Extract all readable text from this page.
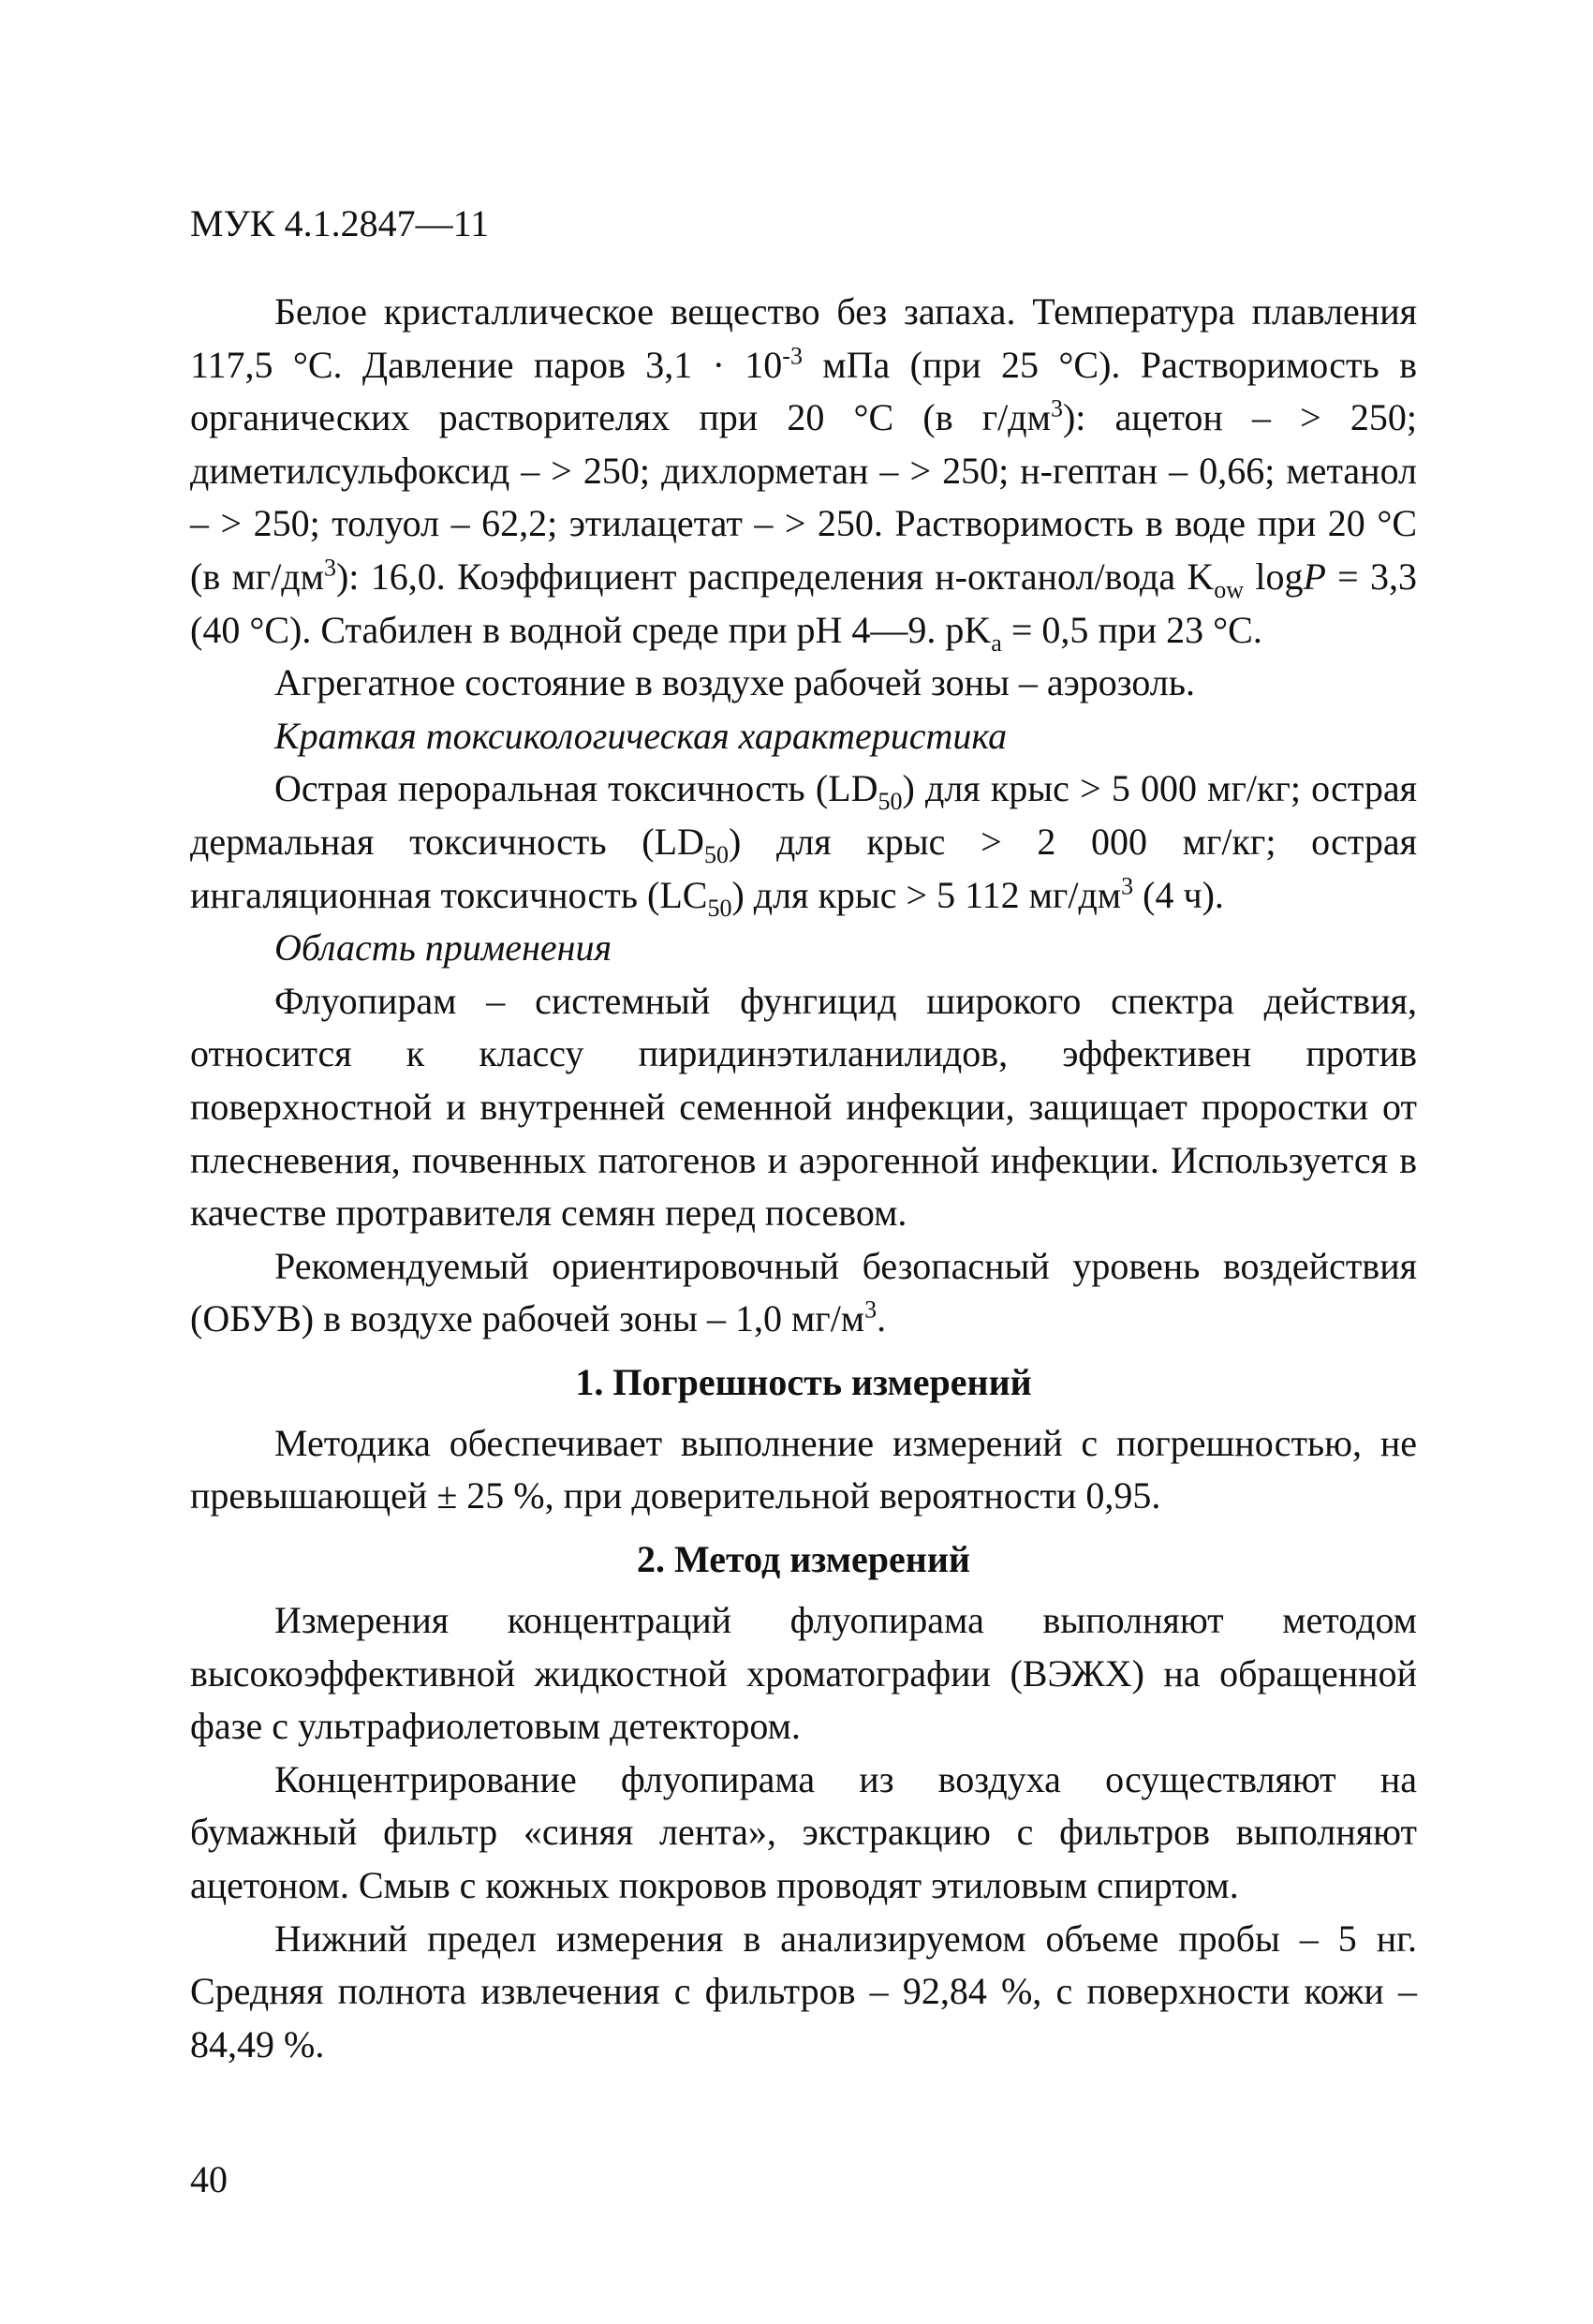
МУК 4.1.2847—11

Белое кристаллическое вещество без запаха. Температура плавления 117,5 °С. Давление паров $3,1 \cdot 10^{-3}$ мПа (при 25 °С). Растворимость в органических растворителях при 20 °С (в $г/дм^3$): ацетон – > 250; диметилсульфоксид – > 250; дихлорметан – > 250; н-гептан – 0,66; метанол – > 250; толуол – 62,2; этилацетат – > 250. Растворимость в воде при 20 °С (в $мг/дм^3$): 16,0. Коэффициент распределения н-октанол/вода $K_{ow}$ logP = 3,3 (40 °С). Стабилен в водной среде при pH 4—9. $pK_a = 0,5$ при 23 °С.

Агрегатное состояние в воздухе рабочей зоны – аэрозоль.

Краткая токсикологическая характеристика

Острая пероральная токсичность $(LD_{50})$ для крыс > 5 000 мг/кг; острая дермальная токсичность $(LD_{50})$ для крыс > 2 000 мг/кг; острая ингаляционная токсичность $(LC_{50})$ для крыс > 5 112 $мг/дм^3$ (4 ч).

Область применения

Флуопирам – системный фунгицид широкого спектра действия, относится к классу пиридинэтиланилидов, эффективен против поверхностной и внутренней семенной инфекции, защищает проростки от плесневения, почвенных патогенов и аэрогенной инфекции. Используется в качестве протравителя семян перед посевом.

Рекомендуемый ориентировочный безопасный уровень воздействия (ОБУВ) в воздухе рабочей зоны – 1,0 $мг/м^3$.

1. Погрешность измерений

Методика обеспечивает выполнение измерений с погрешностью, не превышающей ± 25 %, при доверительной вероятности 0,95.

2. Метод измерений

Измерения концентраций флуопирама выполняют методом высокоэффективной жидкостной хроматографии (ВЭЖХ) на обращенной фазе с ультрафиолетовым детектором.

Концентрирование флуопирама из воздуха осуществляют на бумажный фильтр «синяя лента», экстракцию с фильтров выполняют ацетоном. Смыв с кожных покровов проводят этиловым спиртом.

Нижний предел измерения в анализируемом объеме пробы – 5 нг. Средняя полнота извлечения с фильтров – 92,84 %, с поверхности кожи – 84,49 %.

40
